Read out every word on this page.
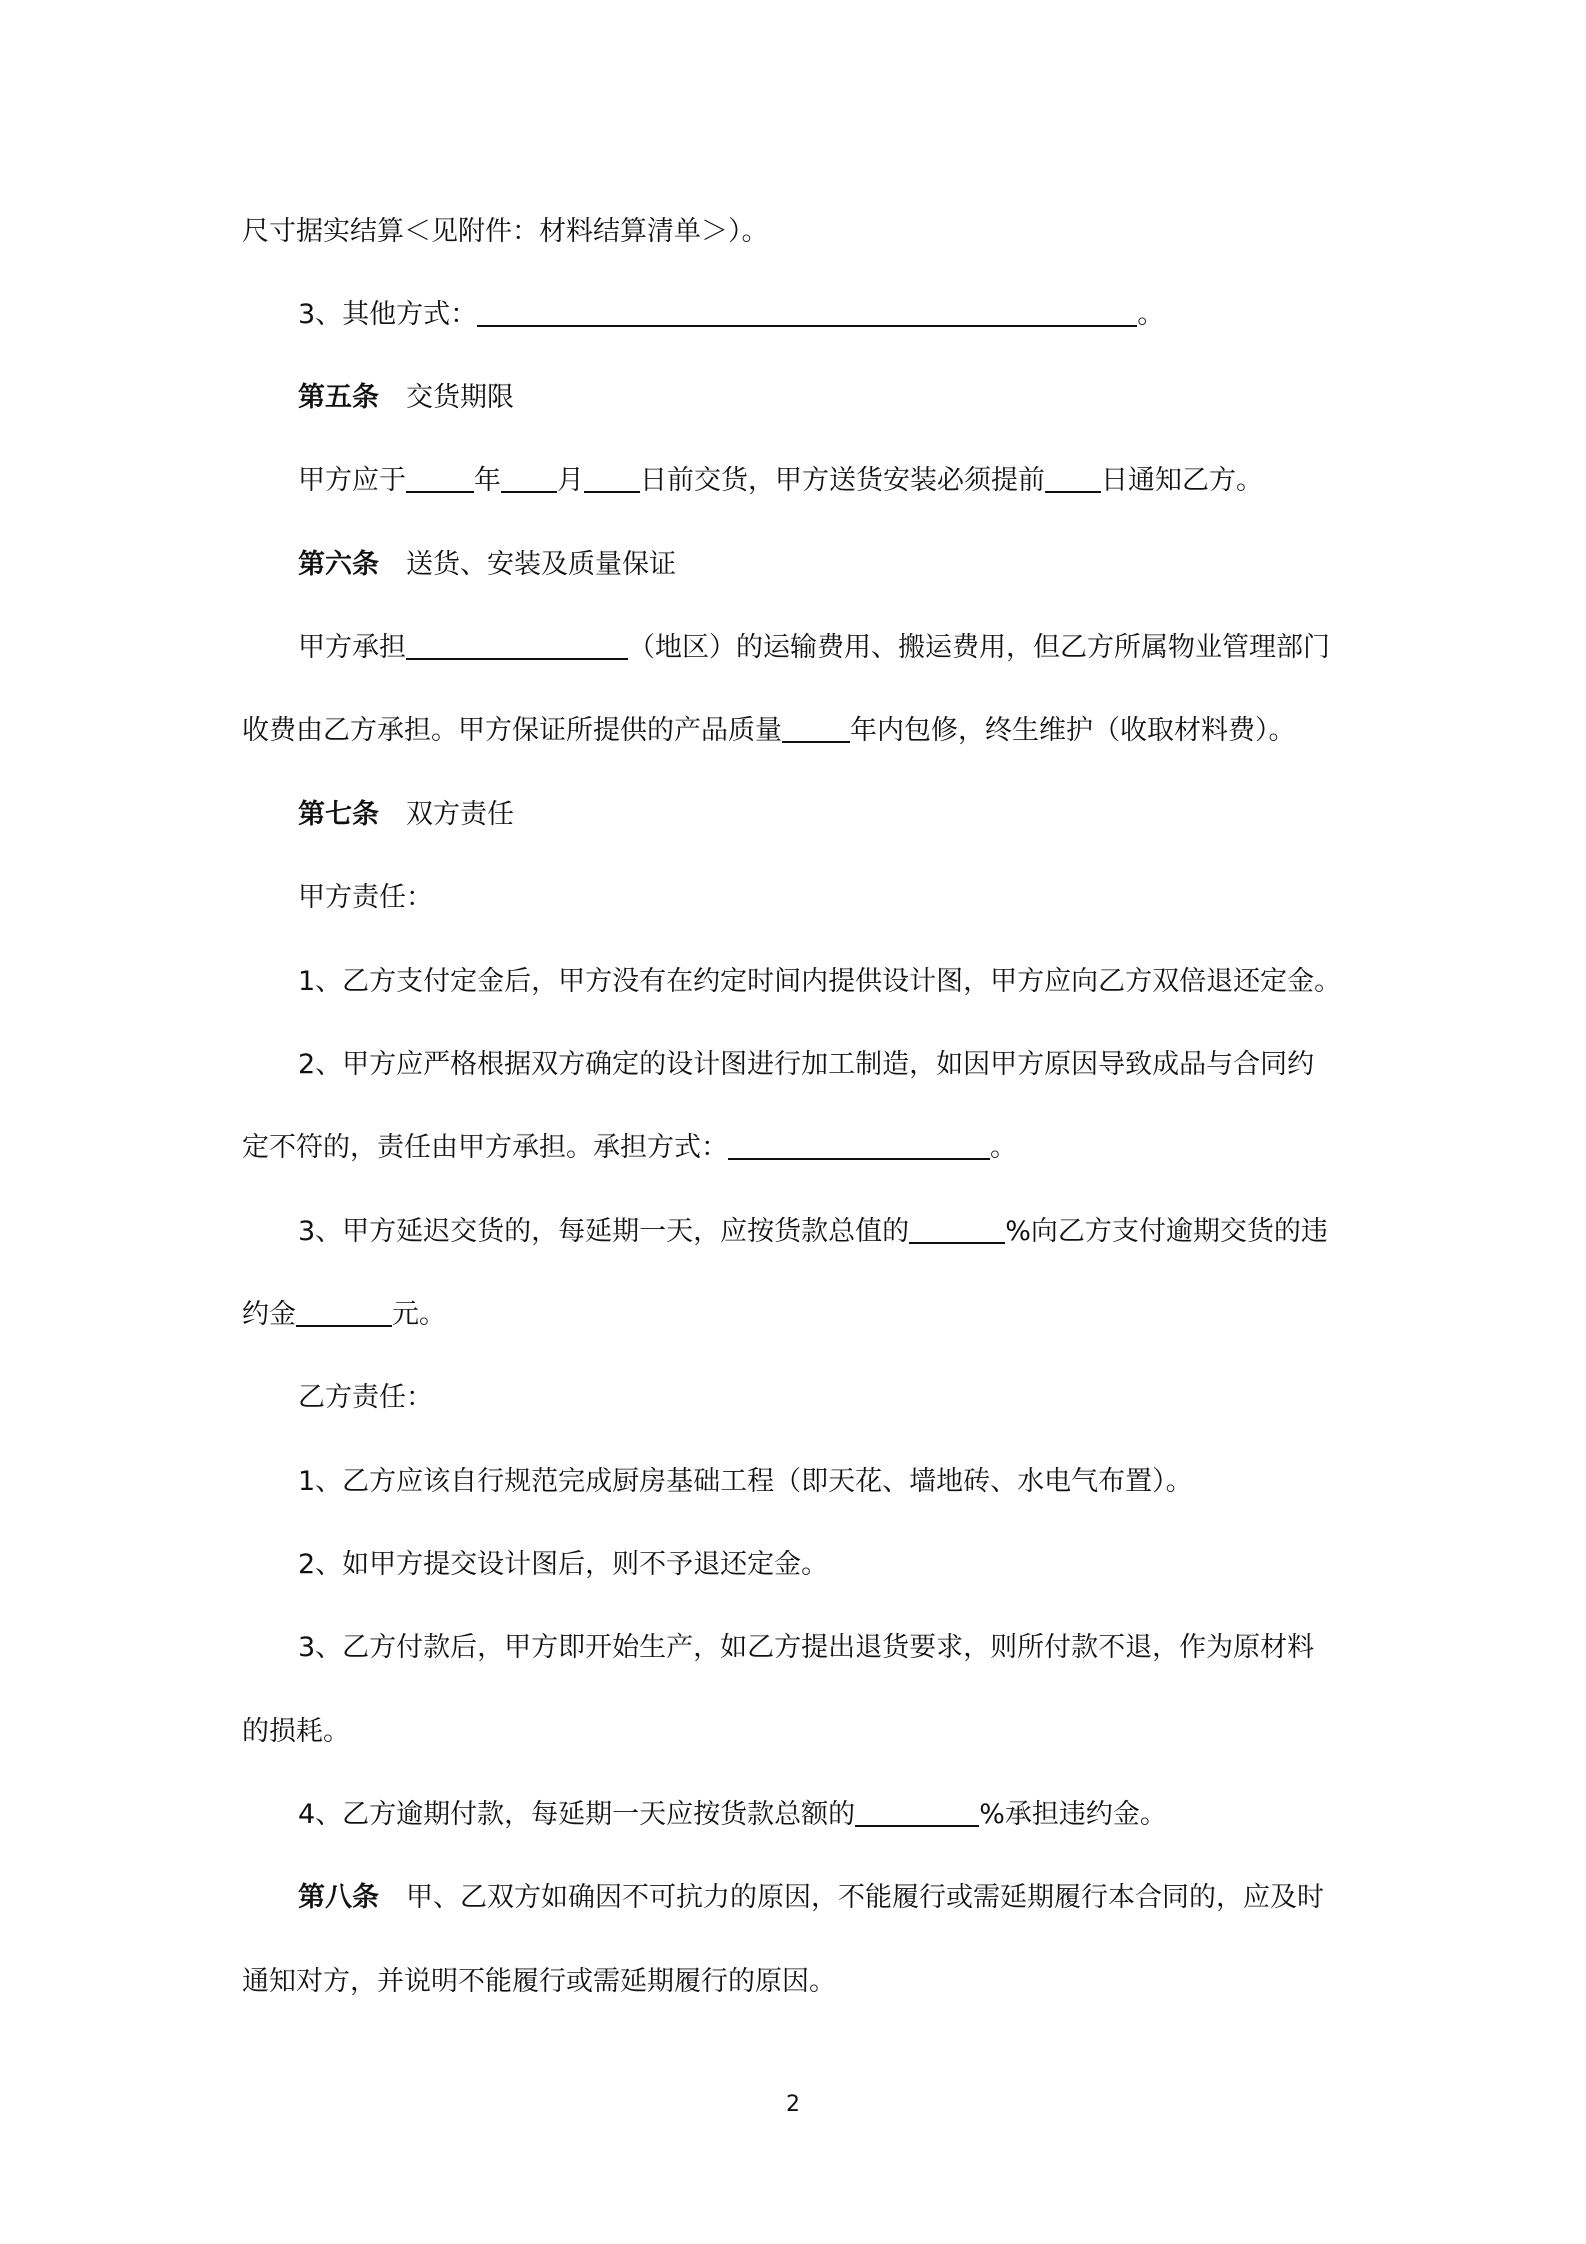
尺寸据实结算＜见附件：材料结算清单＞）。
3、其他方式：	。
第五条 交货期限
甲方应于	年 月 日前交货，甲方送货安装必须提前 日通知乙方。
第六条 送货、安装及质量保证
甲方承担	（地区）的运输费用、搬运费用，但乙方所属物业管理部门
收费由乙方承担。甲方保证所提供的产品质量	年内包修，终生维护（收取材料费）。
第七条 双方责任
甲方责任：
1、乙方支付定金后，甲方没有在约定时间内提供设计图，甲方应向乙方双倍退还定金。
2、甲方应严格根据双方确定的设计图进行加工制造，如因甲方原因导致成品与合同约
定不符的，责任由甲方承担。承担方式：	。
3、甲方延迟交货的，每延期一天，应按货款总值的	%向乙方支付逾期交货的违
约金	元。
乙方责任：
1、乙方应该自行规范完成厨房基础工程（即天花、墙地砖、水电气布置）。
2、如甲方提交设计图后，则不予退还定金。
3、乙方付款后，甲方即开始生产，如乙方提出退货要求，则所付款不退，作为原材料
的损耗。
4、乙方逾期付款，每延期一天应按货款总额的	%承担违约金。
第八条 甲、乙双方如确因不可抗力的原因，不能履行或需延期履行本合同的，应及时
通知对方，并说明不能履行或需延期履行的原因。
2
